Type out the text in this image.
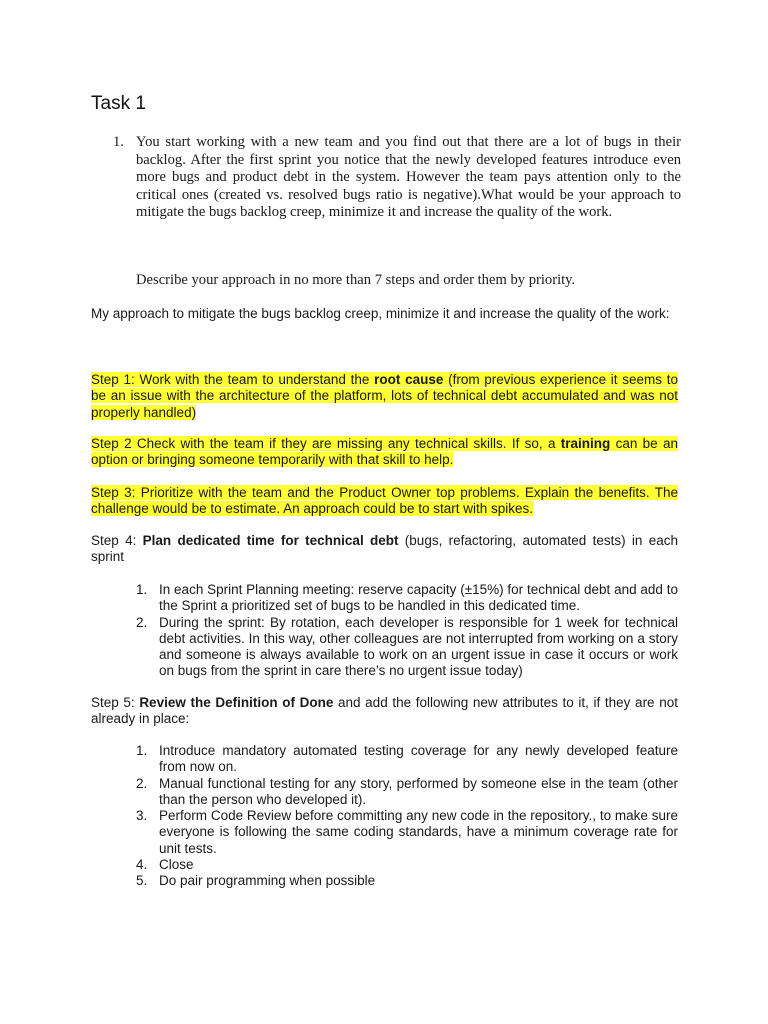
Task 1
1. You start working with a new team and you find out that there are a lot of bugs in their backlog. After the first sprint you notice that the newly developed features introduce even more bugs and product debt in the system. However the team pays attention only to the critical ones (created vs. resolved bugs ratio is negative).What would be your approach to mitigate the bugs backlog creep, minimize it and increase the quality of the work.
Describe your approach in no more than 7 steps and order them by priority.
My approach to mitigate the bugs backlog creep, minimize it and increase the quality of the work:
Step 1: Work with the team to understand the root cause (from previous experience it seems to be an issue with the architecture of the platform, lots of technical debt accumulated and was not properly handled)
Step 2 Check with the team if they are missing any technical skills. If so, a training can be an option or bringing someone temporarily with that skill to help.
Step 3: Prioritize with the team and the Product Owner top problems. Explain the benefits. The challenge would be to estimate. An approach could be to start with spikes.
Step 4: Plan dedicated time for technical debt (bugs, refactoring, automated tests) in each sprint
1. In each Sprint Planning meeting: reserve capacity (±15%) for technical debt and add to the Sprint a prioritized set of bugs to be handled in this dedicated time.
2. During the sprint: By rotation, each developer is responsible for 1 week for technical debt activities. In this way, other colleagues are not interrupted from working on a story and someone is always available to work on an urgent issue in case it occurs or work on bugs from the sprint in care there’s no urgent issue today)
Step 5: Review the Definition of Done and add the following new attributes to it, if they are not already in place:
1. Introduce mandatory automated testing coverage for any newly developed feature from now on.
2. Manual functional testing for any story, performed by someone else in the team (other than the person who developed it).
3. Perform Code Review before committing any new code in the repository., to make sure everyone is following the same coding standards, have a minimum coverage rate for unit tests.
4. Close
5. Do pair programming when possible
